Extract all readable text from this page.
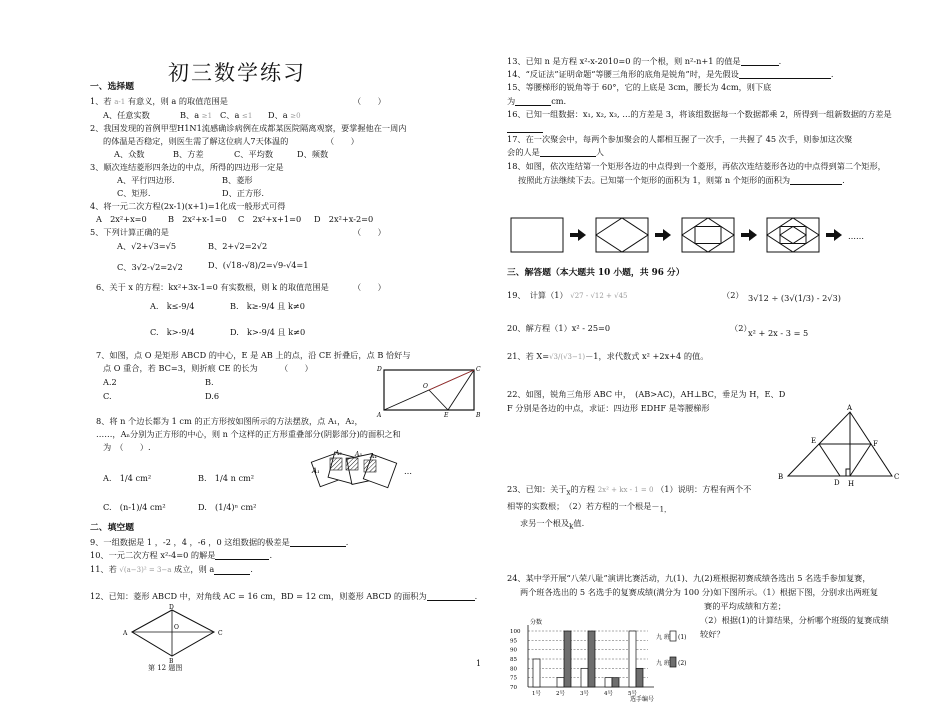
初三数学练习
一、选择题
1、若 a-1 有意义，则 a 的取值范围是	（　　）
A、任意实数	B、a ≥1 C、a ≤1 D、a ≥0
2、我国发现的首例甲型H1N1流感确诊病例在成都某医院隔离观察，要掌握他在一周内
的体温是否稳定，则医生需了解这位病人7天体温的	（　　）
A、众数	B、方差	C、平均数	D、频数
3、顺次连结菱形四条边的中点，所得的四边形一定是
A、平行四边形.	B、菱形
C、矩形.	D、正方形.
4、将一元二次方程(2x-1)(x+1)=1化成一般形式可得
A　2x²+x=0	B　2x²+x-1=0 C　2x²+x+1=0 D　2x²+x-2=0
5、下列计算正确的是	（　　）
A、√2+√3=√5	B、2+√2=2√2
C、3√2-√2=2√2	D、(√18-√8)/2=√9-√4=1
6、关于 x 的方程：kx²+3x-1=0 有实数根，则 k 的取值范围是	（　　）
A.　k≤-9/4	B.　k≥-9/4 且 k≠0
C.　k>-9/4	D.　k>-9/4 且 k≠0
7、如图，点 O 是矩形 ABCD 的中心，E 是 AB 上的点，沿 CE 折叠后，点 B 恰好与
点 O 重合，若 BC=3，则折痕 CE 的长为	（　　）
A.2	B.
C.	D.6
D	C
O
A	E	B
8、将 n 个边长都为 1 cm 的正方形按如图所示的方法摆放，点 A₁，A₂，
……，Aₙ分别为正方形的中心，则 n 个这样的正方形重叠部分(阴影部分)的面积之和
为　（　　）.
A.　1/4 cm²	B.　1/4 n cm²
C.　(n-1)/4 cm²	D.　(1/4)ⁿ cm²
A₁
A₂ A₃ A₄
…
二、填空题
9、一组数据是 1 ，-2 ，4 ，-6 ，0 这组数据的极差是	.
10、一元二次方程 x²-4=0 的解是	.
11、若 √(a−3)² = 3−a 成立，则 a	.
12、已知：菱形 ABCD 中，对角线 AC = 16 cm，BD = 12 cm，则菱形 ABCD 的面积为	.
D
A
O
C
B
第 12 题图
13、已知 n 是方程 x²-x-2010=0 的一个根，则 n²-n+1 的值是	.
14、“反证法”证明命题“等腰三角形的底角是锐角”时，是先假设	.
15、等腰梯形的锐角等于 60°，它的上底是 3cm，腰长为 4cm，则下底
为	cm.
16、已知一组数据：x₁, x₂, x₃, …的方差是 3，将该组数据每一个数据都乘 2，所得到一组新数据的方差是
17、在一次聚会中，每两个参加聚会的人都相互握了一次手，一共握了 45 次手，则参加这次聚
会的人是	人
18、如图，依次连结第一个矩形各边的中点得到一个菱形，再依次连结菱形各边的中点得到第二个矩形，
按照此方法继续下去。已知第一个矩形的面积为 1，则第 n 个矩形的面积为	.
……
三、解答题（本大题共 10 小题，共 96 分）
19、　计算（1） √27 - √12 + √45	（2） 3√12 ÷ (3√(1/3) - 2√3)
20、解方程（1）x² - 25=0	（2）
x² + 2x - 3 = 5
21、若 X=√3/(√3−1)－1，求代数式 x² +2x+4 的值。
22、如图，锐角三角形 ABC 中，　(AB>AC)，AH⊥BC，垂足为 H，E、D
F 分别是各边的中点，求证：四边形 EDHF 是等腰梯形	A
E	F
B
D H
C
23、已知：关于$_x$的方程 2x² + kx - 1 = 0 （1）说明：方程有两个不
相等的实数根；　（2）若方程的一个根是$-_{1,}$
求另一个根及$_k$值.
24、某中学开展“八荣八耻”演讲比赛活动，九(1)、九(2)班根据初赛成绩各选出 5 名选手参加复赛，
两个班各选出的 5 名选手的复赛成绩(满分为 100 分)如下图所示。（1）根据下图，分别求出两班复
赛的平均成绩和方差；
（2）根据(1)的计算结果，分析哪个班级的复赛成绩
较好？
分数
70
75
80
85
90
95
100
1号	2号	3号	4号	5号
选手编号
九 班 (1)
九 班 (2)
1
